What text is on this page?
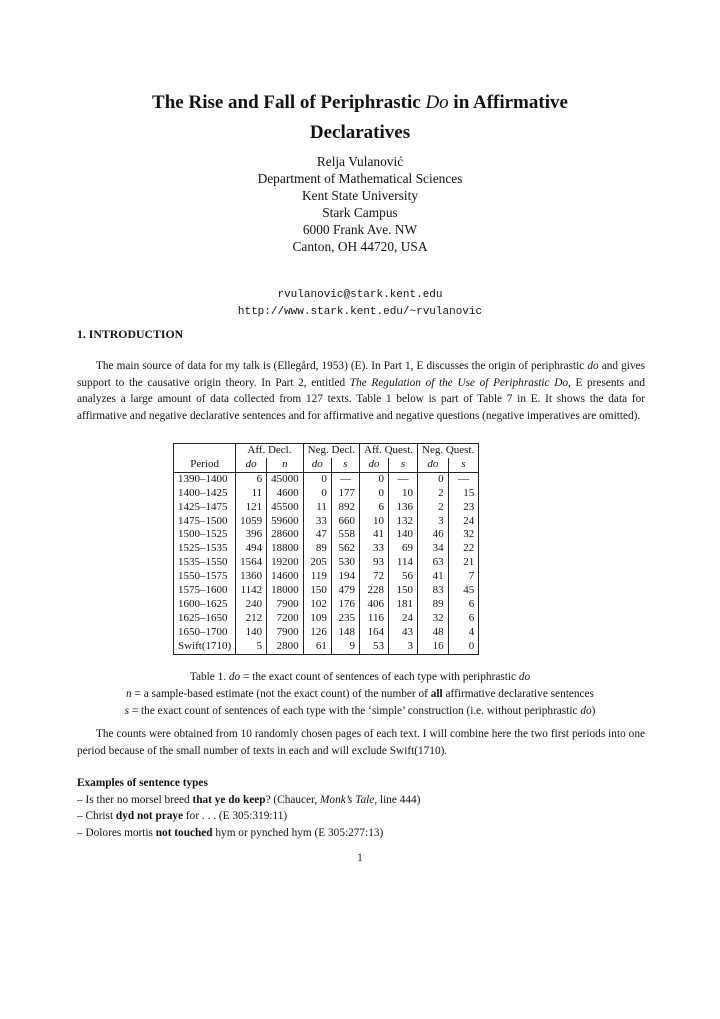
The Rise and Fall of Periphrastic Do in Affirmative
Declaratives
Relja Vulanović
Department of Mathematical Sciences
Kent State University
Stark Campus
6000 Frank Ave. NW
Canton, OH 44720, USA
rvulanovic@stark.kent.edu
http://www.stark.kent.edu/~rvulanovic
1. INTRODUCTION

The main source of data for my talk is (Ellegård, 1953) (E). In Part 1, E discusses the origin of periphrastic do and gives support to the causative origin theory. In Part 2, entitled The Regulation of the Use of Periphrastic Do, E presents and analyzes a large amount of data collected from 127 texts. Table 1 below is part of Table 7 in E. It shows the data for affirmative and negative declarative sentences and for affirmative and negative questions (negative imperatives are omitted).

	Aff. Decl.		Neg. Decl.		Aff. Quest.		Neg. Quest.	
Period	do	n	do	s	do	s	do	s
1390–1400	6	45000	0	—	0	—	0	—
1400–1425	11	4600	0	177	0	10	2	15
1425–1475	121	45500	11	892	6	136	2	23
1475–1500	1059	59600	33	660	10	132	3	24
1500–1525	396	28600	47	558	41	140	46	32
1525–1535	494	18800	89	562	33	69	34	22
1535–1550	1564	19200	205	530	93	114	63	21
1550–1575	1360	14600	119	194	72	56	41	7
1575–1600	1142	18000	150	479	228	150	83	45
1600–1625	240	7900	102	176	406	181	89	6
1625–1650	212	7200	109	235	116	24	32	6
1650–1700	140	7900	126	148	164	43	48	4
Swift(1710)	5	2800	61	9	53	3	16	0
Table 1. do = the exact count of sentences of each type with periphrastic do
n = a sample-based estimate (not the exact count) of the number of all affirmative declarative sentences
s = the exact count of sentences of each type with the ‘simple’ construction (i.e. without periphrastic do)

The counts were obtained from 10 randomly chosen pages of each text. I will combine here the two first periods into one period because of the small number of texts in each and will exclude Swift(1710).

Examples of sentence types
– Is ther no morsel breed that ye do keep? (Chaucer, Monk’s Tale, line 444)
– Christ dyd not praye for . . . (E 305:319:11)
– Dolores mortis not touched hym or pynched hym (E 305:277:13)
1
